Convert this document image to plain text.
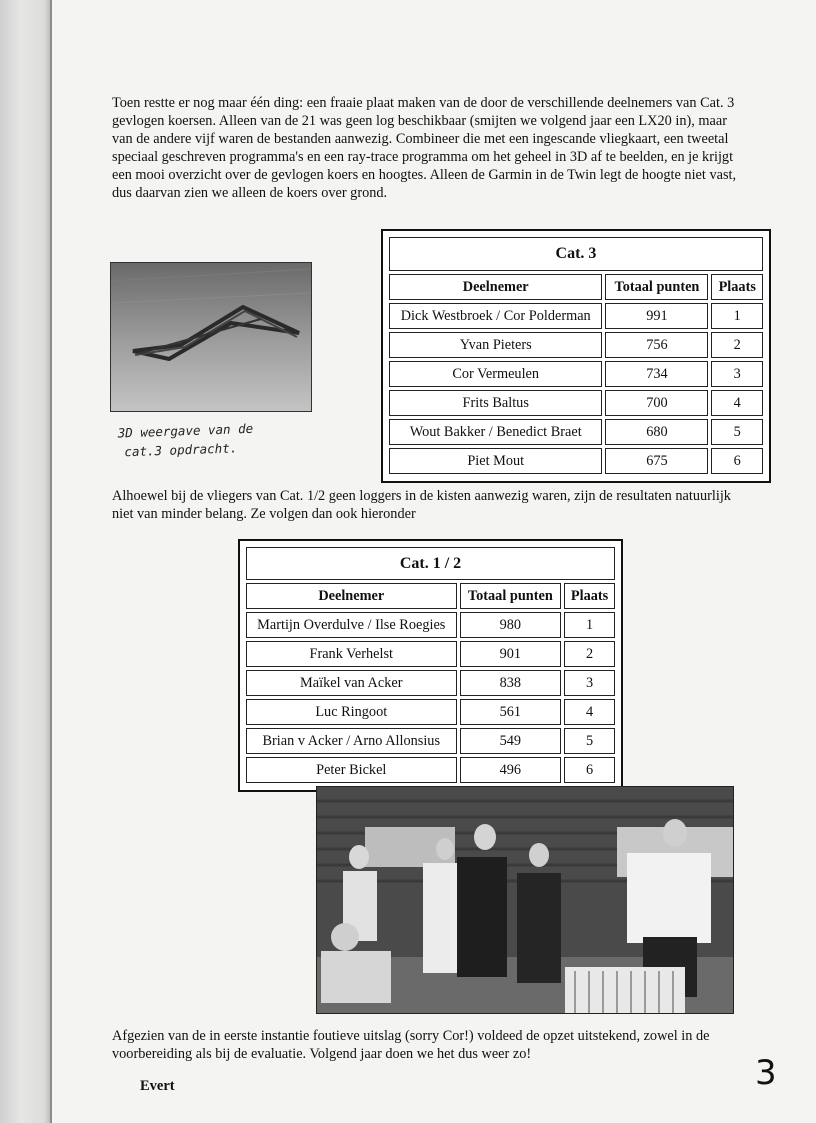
Toen restte er nog maar één ding: een fraaie plaat maken van de door de verschillende deelnemers van Cat. 3 gevlogen koersen. Alleen van de 21 was geen log beschikbaar (smijten we volgend jaar een LX20 in), maar van de andere vijf waren de bestanden aanwezig. Combineer die met een ingescande vliegkaart, een tweetal speciaal geschreven programma's en een ray-trace programma om het geheel in 3D af te beelden, en je krijgt een mooi overzicht over de gevlogen koers en hoogtes. Alleen de Garmin in de Twin legt de hoogte niet vast, dus daarvan zien we alleen de koers over grond.

3D weergave van de
cat.3 opdracht.
Cat. 3		
Deelnemer	Totaal punten	Plaats
Dick Westbroek / Cor Polderman	991	1
Yvan Pieters	756	2
Cor Vermeulen	734	3
Frits Baltus	700	4
Wout Bakker / Benedict Braet	680	5
Piet Mout	675	6

Alhoewel bij de vliegers van Cat. 1/2 geen loggers in de kisten aanwezig waren, zijn de resultaten natuurlijk niet van minder belang. Ze volgen dan ook hieronder

Cat. 1 / 2		
Deelnemer	Totaal punten	Plaats
Martijn Overdulve / Ilse Roegies	980	1
Frank Verhelst	901	2
Maïkel van Acker	838	3
Luc Ringoot	561	4
Brian v Acker / Arno Allonsius	549	5
Peter Bickel	496	6

Afgezien van de in eerste instantie foutieve uitslag (sorry Cor!) voldeed de opzet uitstekend, zowel in de voorbereiding als bij de evaluatie. Volgend jaar doen we het dus weer zo!

Evert	3
